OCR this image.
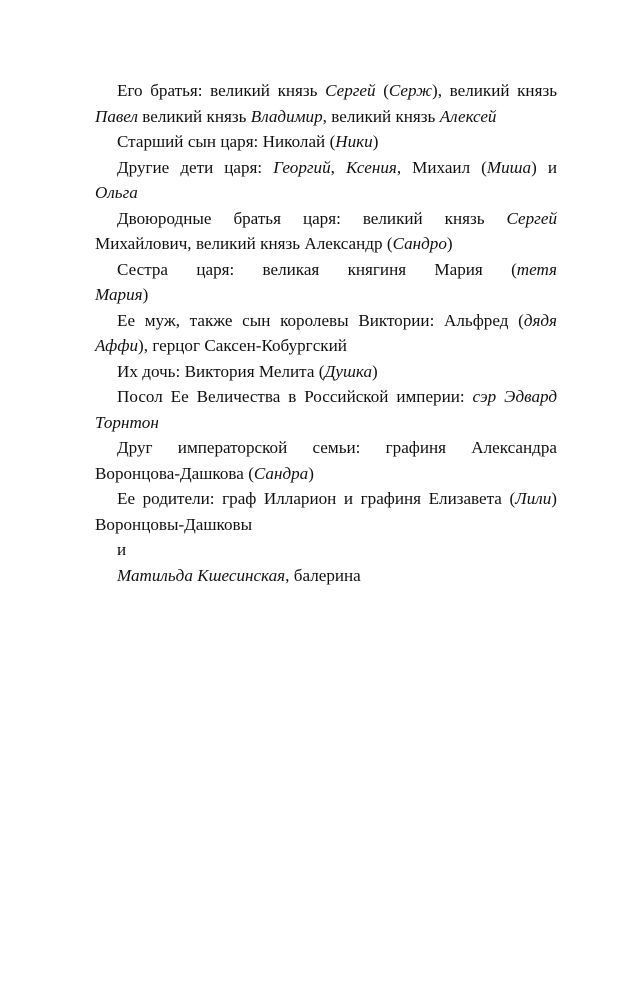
Его братья: великий князь Сергей (Серж), великий князь Павел великий князь Владимир, великий князь Алексей

Старший сын царя: Николай (Ники)

Другие дети царя: Георгий, Ксения, Михаил (Миша) и Ольга

Двоюродные братья царя: великий князь Сергей Михайлович, великий князь Александр (Сандро)

Сестра царя: великая княгиня Мария (тетя
Мария)

Ее муж, также сын королевы Виктории: Альфред (дядя Аффи), герцог Саксен-Кобургский

Их дочь: Виктория Мелита (Душка)

Посол Ее Величества в Российской империи: сэр Эдвард Торнтон

Друг императорской семьи: графиня Александра Воронцова-Дашкова (Сандра)

Ее родители: граф Илларион и графиня Елизавета (Лили) Воронцовы-Дашковы

и

Матильда Кшесинская, балерина
